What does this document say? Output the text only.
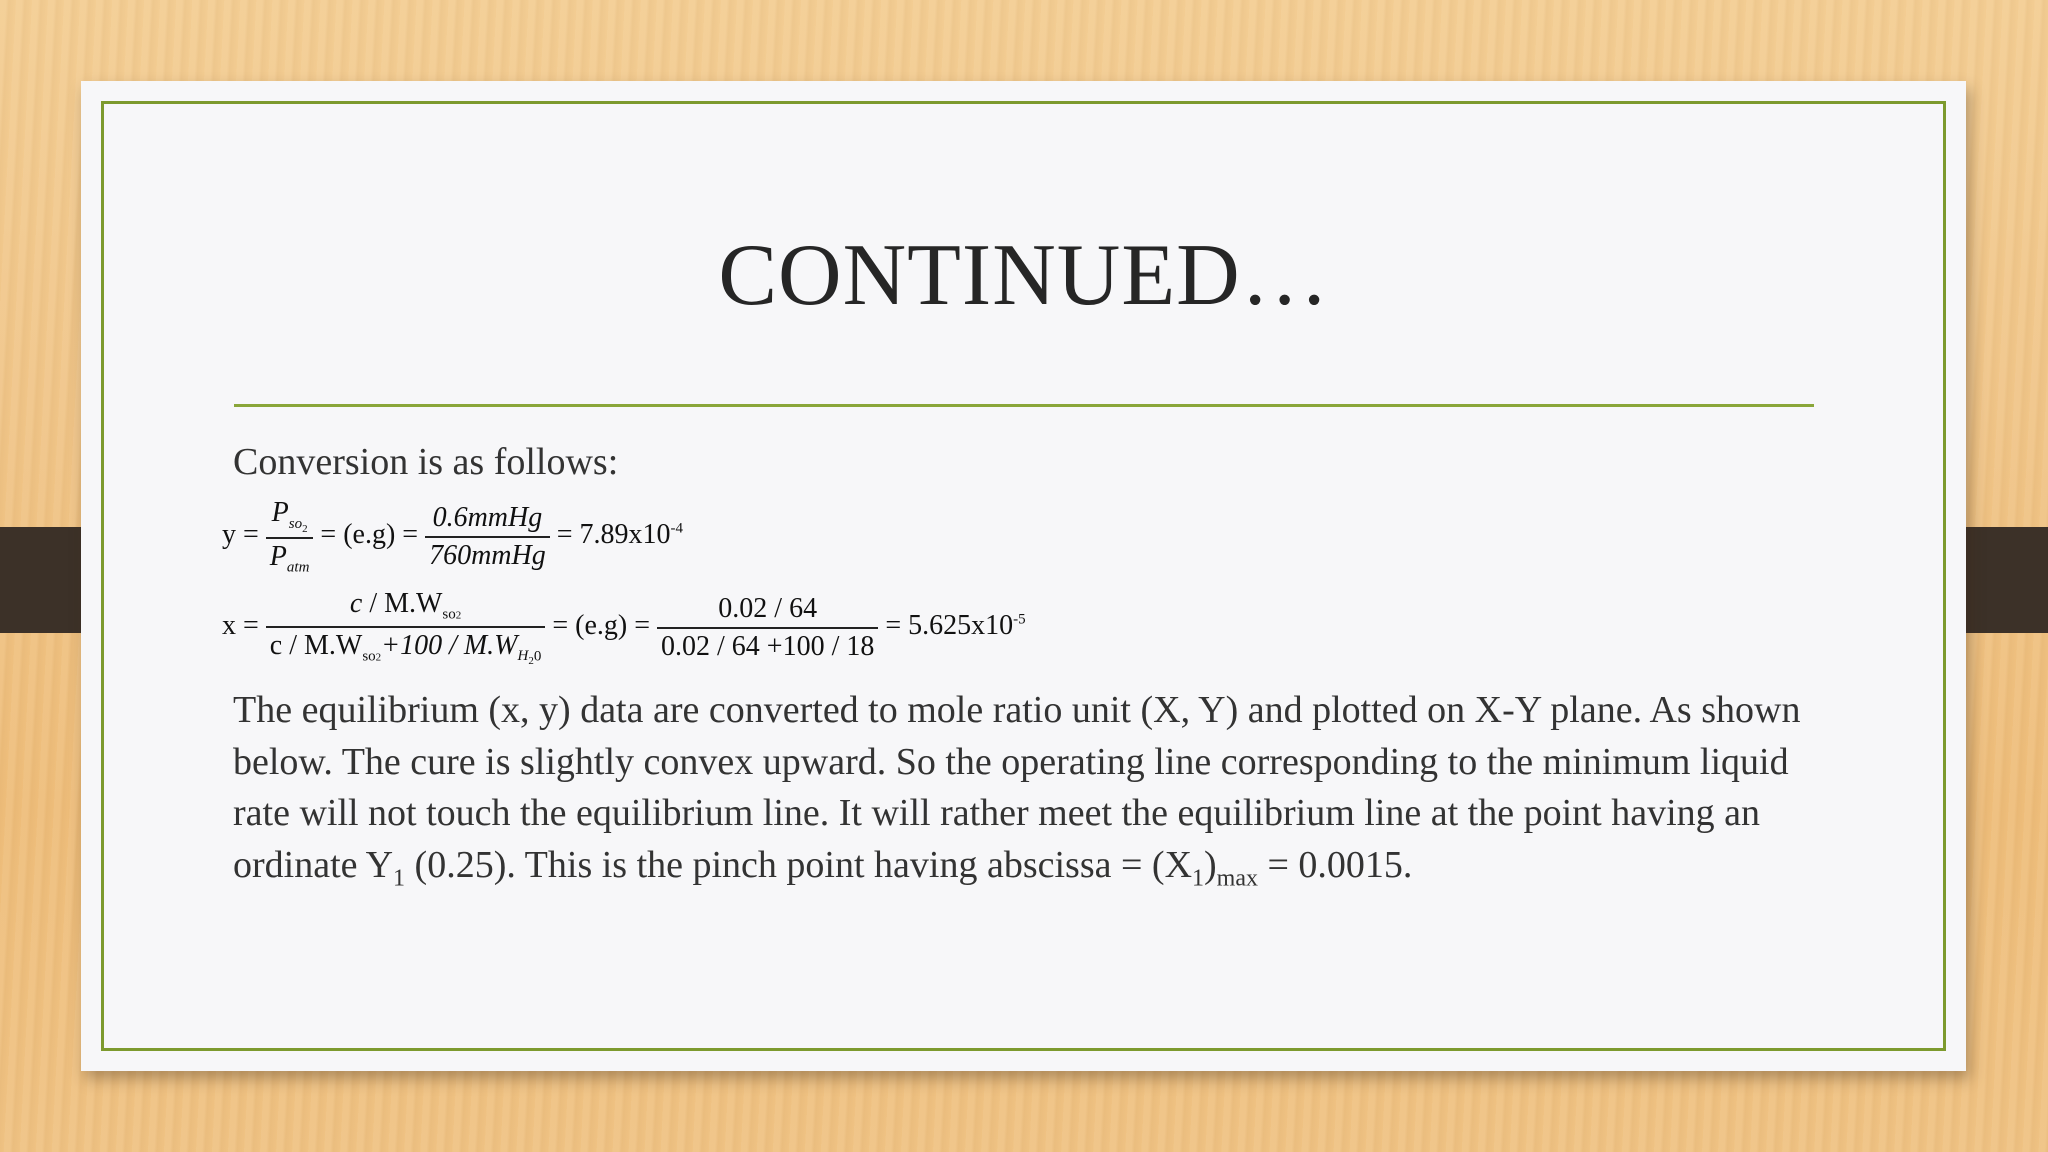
CONTINUED…

Conversion is as follows:

$y = \frac{P_{so_2}}{P_{atm}} = (e.g) = \frac{\text{0.6mmHg}}{\text{760mmHg}} = 7.89x10^{-4}$
$x = \frac{c / M.W_{so2}}{c / M.W_{so2}+100 / M.W_{H_20}} = (e.g) = \frac{0.02 / 64}{0.02 / 64 +100 / 18} = 5.625x10^{-5}$

The equilibrium (x, y) data are converted to mole ratio unit (X, Y) and plotted on X-Y plane. As shown below. The cure is slightly convex upward. So the operating line corresponding to the minimum liquid rate will not touch the equilibrium line. It will rather meet the equilibrium line at the point having an ordinate $Y_1$ (0.25). This is the pinch point having abscissa = $(X_1)_{max} = 0.0015$.
